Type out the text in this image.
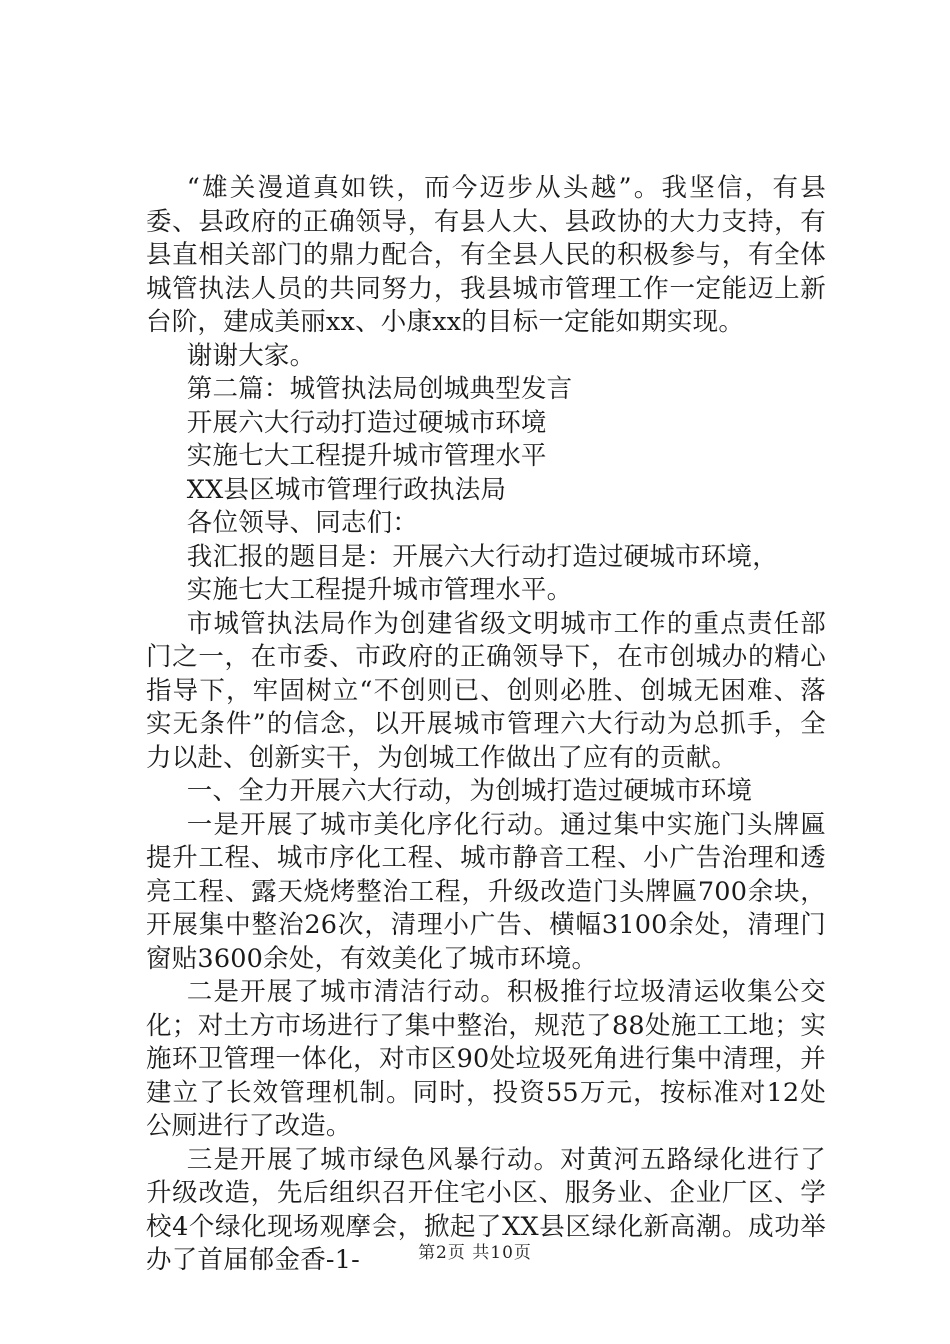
“雄关漫道真如铁，而今迈步从头越”。我坚信，有县委、县政府的正确领导，有县人大、县政协的大力支持，有县直相关部门的鼎力配合，有全县人民的积极参与，有全体城管执法人员的共同努力，我县城市管理工作一定能迈上新台阶，建成美丽xx、小康xx的目标一定能如期实现。

谢谢大家。

第二篇：城管执法局创城典型发言

开展六大行动打造过硬城市环境

实施七大工程提升城市管理水平

XX县区城市管理行政执法局

各位领导、同志们：

我汇报的题目是：开展六大行动打造过硬城市环境，

实施七大工程提升城市管理水平。

市城管执法局作为创建省级文明城市工作的重点责任部门之一，在市委、市政府的正确领导下，在市创城办的精心指导下，牢固树立“不创则已、创则必胜、创城无困难、落实无条件”的信念，以开展城市管理六大行动为总抓手，全力以赴、创新实干，为创城工作做出了应有的贡献。

一、全力开展六大行动，为创城打造过硬城市环境

一是开展了城市美化序化行动。通过集中实施门头牌匾提升工程、城市序化工程、城市静音工程、小广告治理和透亮工程、露天烧烤整治工程，升级改造门头牌匾700余块，开展集中整治26次，清理小广告、横幅3100余处，清理门窗贴3600余处，有效美化了城市环境。

二是开展了城市清洁行动。积极推行垃圾清运收集公交化；对土方市场进行了集中整治，规范了88处施工工地；实施环卫管理一体化，对市区90处垃圾死角进行集中清理，并建立了长效管理机制。同时，投资55万元，按标准对12处公厕进行了改造。

三是开展了城市绿色风暴行动。对黄河五路绿化进行了升级改造，先后组织召开住宅小区、服务业、企业厂区、学校4个绿化现场观摩会，掀起了XX县区绿化新高潮。成功举办了首届郁金香-1-	第2页 共10页
